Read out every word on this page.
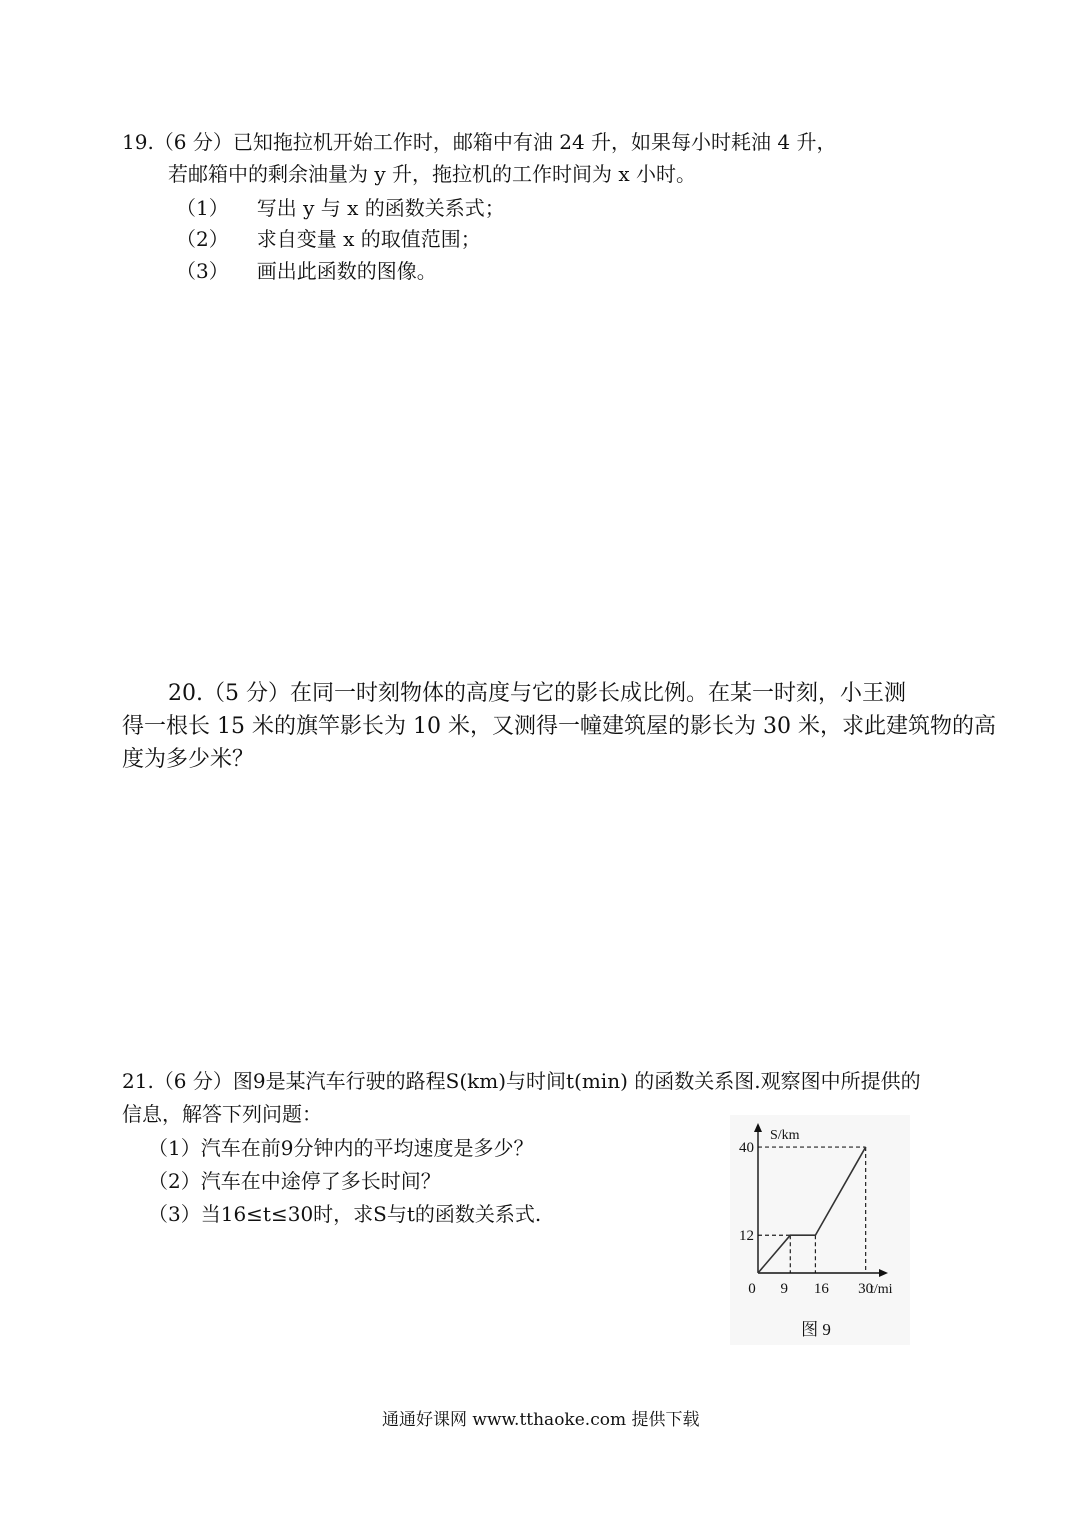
19.（6 分）已知拖拉机开始工作时，邮箱中有油 24 升，如果每小时耗油 4 升，
若邮箱中的剩余油量为 y 升，拖拉机的工作时间为 x 小时。
（1） 写出 y 与 x 的函数关系式；
（2） 求自变量 x 的取值范围；
（3） 画出此函数的图像。
20.（5 分）在同一时刻物体的高度与它的影长成比例。在某一时刻，小王测
得一根长 15 米的旗竿影长为 10 米，又测得一幢建筑屋的影长为 30 米，求此建筑物的高
度为多少米？
21.（6 分）图9是某汽车行驶的路程S(km)与时间t(min) 的函数关系图.观察图中所提供的
信息，解答下列问题：
（1）汽车在前9分钟内的平均速度是多少？
（2）汽车在中途停了多长时间？
（3）当16≤t≤30时，求S与t的函数关系式.
0 9 16 30
12
40
S/km
t/mi
图 9
通通好课网 www.tthaoke.com 提供下载
